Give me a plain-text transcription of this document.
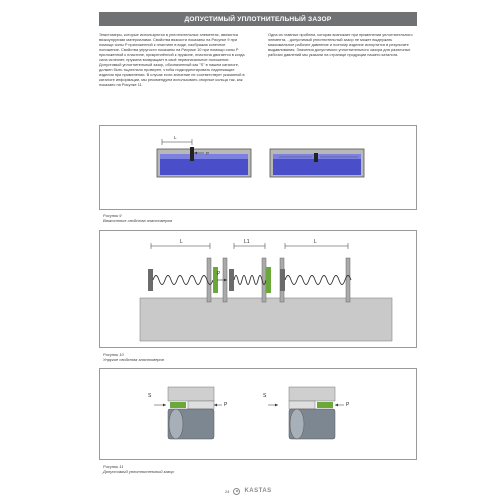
ДОПУСТИМЫЙ УПЛОТНИТЕЛЬНЫЙ ЗАЗОР
Эластомеры, которые используются в уплотнительных элементах, являются вязкоупругими материалами. Свойства вязкости показаны на Рисунке 9 при помощи силы P приложенной к пластине в воде, изображая конечное положение. Свойства упругости показаны на Рисунке 10 при помощи силы P приложенной к пластине, прикреплённой к пружине, пластина двигается в когда сила исчезнет, пружина возвращает в своё первоначальное положение. Допустимый уплотнительный зазор, обозначенный как "S" в нашем каталоге, должен быть тщательно проверен, чтобы подкорректировать надлежащие изделия при применении. В случае если значение не соответствует указанной в каталоге информации, мы рекомендуем использовать опорные кольца так, как показано на Рисунке 11.
Одна из главных проблем, которая возникает при применении уплотнительного элемента, - допустимый уплотнительный зазор не может выдержать максимальное рабочее давление и поэтому изделие испортится в результате выдавливания. Значения допустимого уплотнительного зазора для различных рабочих давлений мы указали на странице продукции нашего каталога.
L
P
Рисунок 9
Вязкостные свойства эластомеров
L	L1	L
P
Рисунок 10
Упругие свойства эластомеров
S
P
S
P
Рисунок 11
Допустимый уплотнительный зазор
24	KASTAS
